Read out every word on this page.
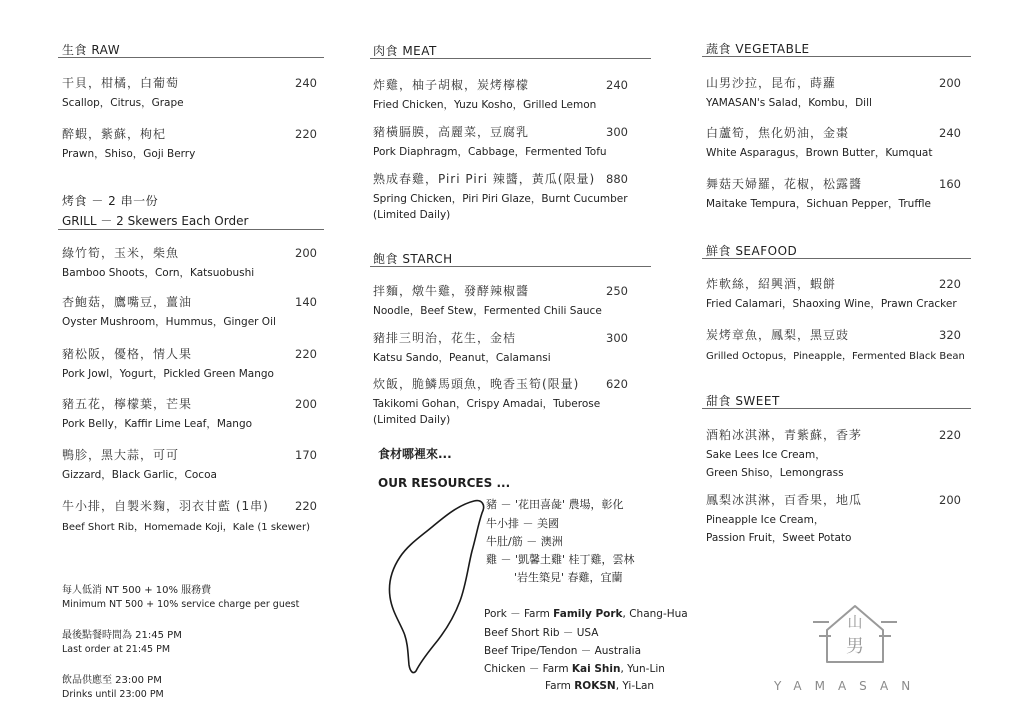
生食 RAW
干貝，柑橘，白葡萄
Scallop，Citrus，Grape
240
醉蝦，紫蘇，枸杞
Prawn，Shiso，Goji Berry
220
烤食 － 2 串一份
GRILL － 2 Skewers Each Order
綠竹筍，玉米，柴魚
Bamboo Shoots，Corn，Katsuobushi
200
杏鮑菇，鷹嘴豆，薑油
Oyster Mushroom，Hummus，Ginger Oil
140
豬松阪，優格，情人果
Pork Jowl，Yogurt，Pickled Green Mango
220
豬五花，檸檬葉，芒果
Pork Belly，Kaffir Lime Leaf，Mango
200
鴨胗，黑大蒜，可可
Gizzard，Black Garlic，Cocoa
170
牛小排，自製米麴，羽衣甘藍 (1串)
Beef Short Rib，Homemade Koji，Kale (1 skewer)
220
每人低消 NT 500 + 10% 服務費
Minimum NT 500 + 10% service charge per guest
最後點餐時間為 21:45 PM
Last order at 21:45 PM
飲品供應至 23:00 PM
Drinks until 23:00 PM
肉食 MEAT
炸雞，柚子胡椒，炭烤檸檬
Fried Chicken，Yuzu Kosho，Grilled Lemon
240
豬橫膈膜，高麗菜，豆腐乳
Pork Diaphragm，Cabbage，Fermented Tofu
300
熟成春雞，Piri Piri 辣醬，黃瓜(限量)
Spring Chicken，Piri Piri Glaze，Burnt Cucumber
(Limited Daily)
880
飽食 STARCH
拌麵，燉牛雞，發酵辣椒醬
Noodle，Beef Stew，Fermented Chili Sauce
250
豬排三明治，花生，金桔
Katsu Sando，Peanut，Calamansi
300
炊飯，脆鱗馬頭魚，晚香玉筍(限量)
Takikomi Gohan，Crispy Amadai，Tuberose
(Limited Daily)
620
食材哪裡來...
OUR RESOURCES ...
豬 － '花田喜彘' 農場，彰化
牛小排 － 美國
牛肚/筋 － 澳洲
雞 － '凱馨土雞' 桂丁雞，雲林
'岩生築見' 春雞，宜蘭
Pork － Farm Family Pork, Chang-Hua
Beef Short Rib － USA
Beef Tripe/Tendon － Australia
Chicken － Farm Kai Shin, Yun-Lin
Farm ROKSN, Yi-Lan
蔬食 VEGETABLE
山男沙拉，昆布，蒔蘿
YAMASAN's Salad，Kombu，Dill
200
白蘆筍，焦化奶油，金棗
White Asparagus，Brown Butter，Kumquat
240
舞菇天婦羅，花椒，松露醬
Maitake Tempura，Sichuan Pepper，Truffle
160
鮮食 SEAFOOD
炸軟絲，紹興酒，蝦餅
Fried Calamari，Shaoxing Wine，Prawn Cracker
220
炭烤章魚，鳳梨，黑豆豉
Grilled Octopus，Pineapple，Fermented Black Bean
320
甜食 SWEET
酒粕冰淇淋，青紫蘇，香茅
Sake Lees Ice Cream，
Green Shiso，Lemongrass
220
鳳梨冰淇淋，百香果，地瓜
Pineapple Ice Cream，
Passion Fruit，Sweet Potato
200
山
男
YAMASAN
